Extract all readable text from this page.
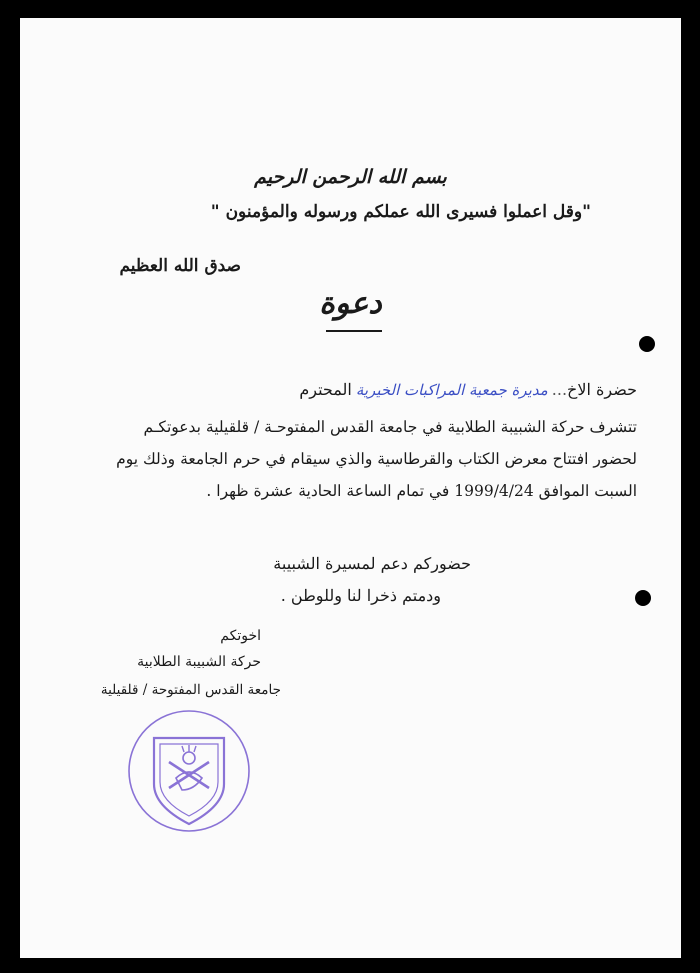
بسم الله الرحمن الرحيم
"وقل اعملوا فسيرى الله عملكم ورسوله والمؤمنون "
صدق الله العظيم
دعوة
حضرة الاخ...مديرة جمعية المراكبات الخيريةالمحترم
تتشرف حركة الشبيبة الطلابية في جامعة القدس المفتوحـة / قلقيلية بدعوتكـم
لحضور افتتاح معرض الكتاب والقرطاسية والذي سيقام في حرم الجامعة وذلك يوم
السبت الموافق 1999/4/24 في تمام الساعة الحادية عشرة ظهرا .
حضوركم دعم لمسيرة الشبيبة
ودمتم ذخرا لنا وللوطن .
اخوتكم
حركة الشبيبة الطلابية
جامعة القدس المفتوحة / قلقيلية
